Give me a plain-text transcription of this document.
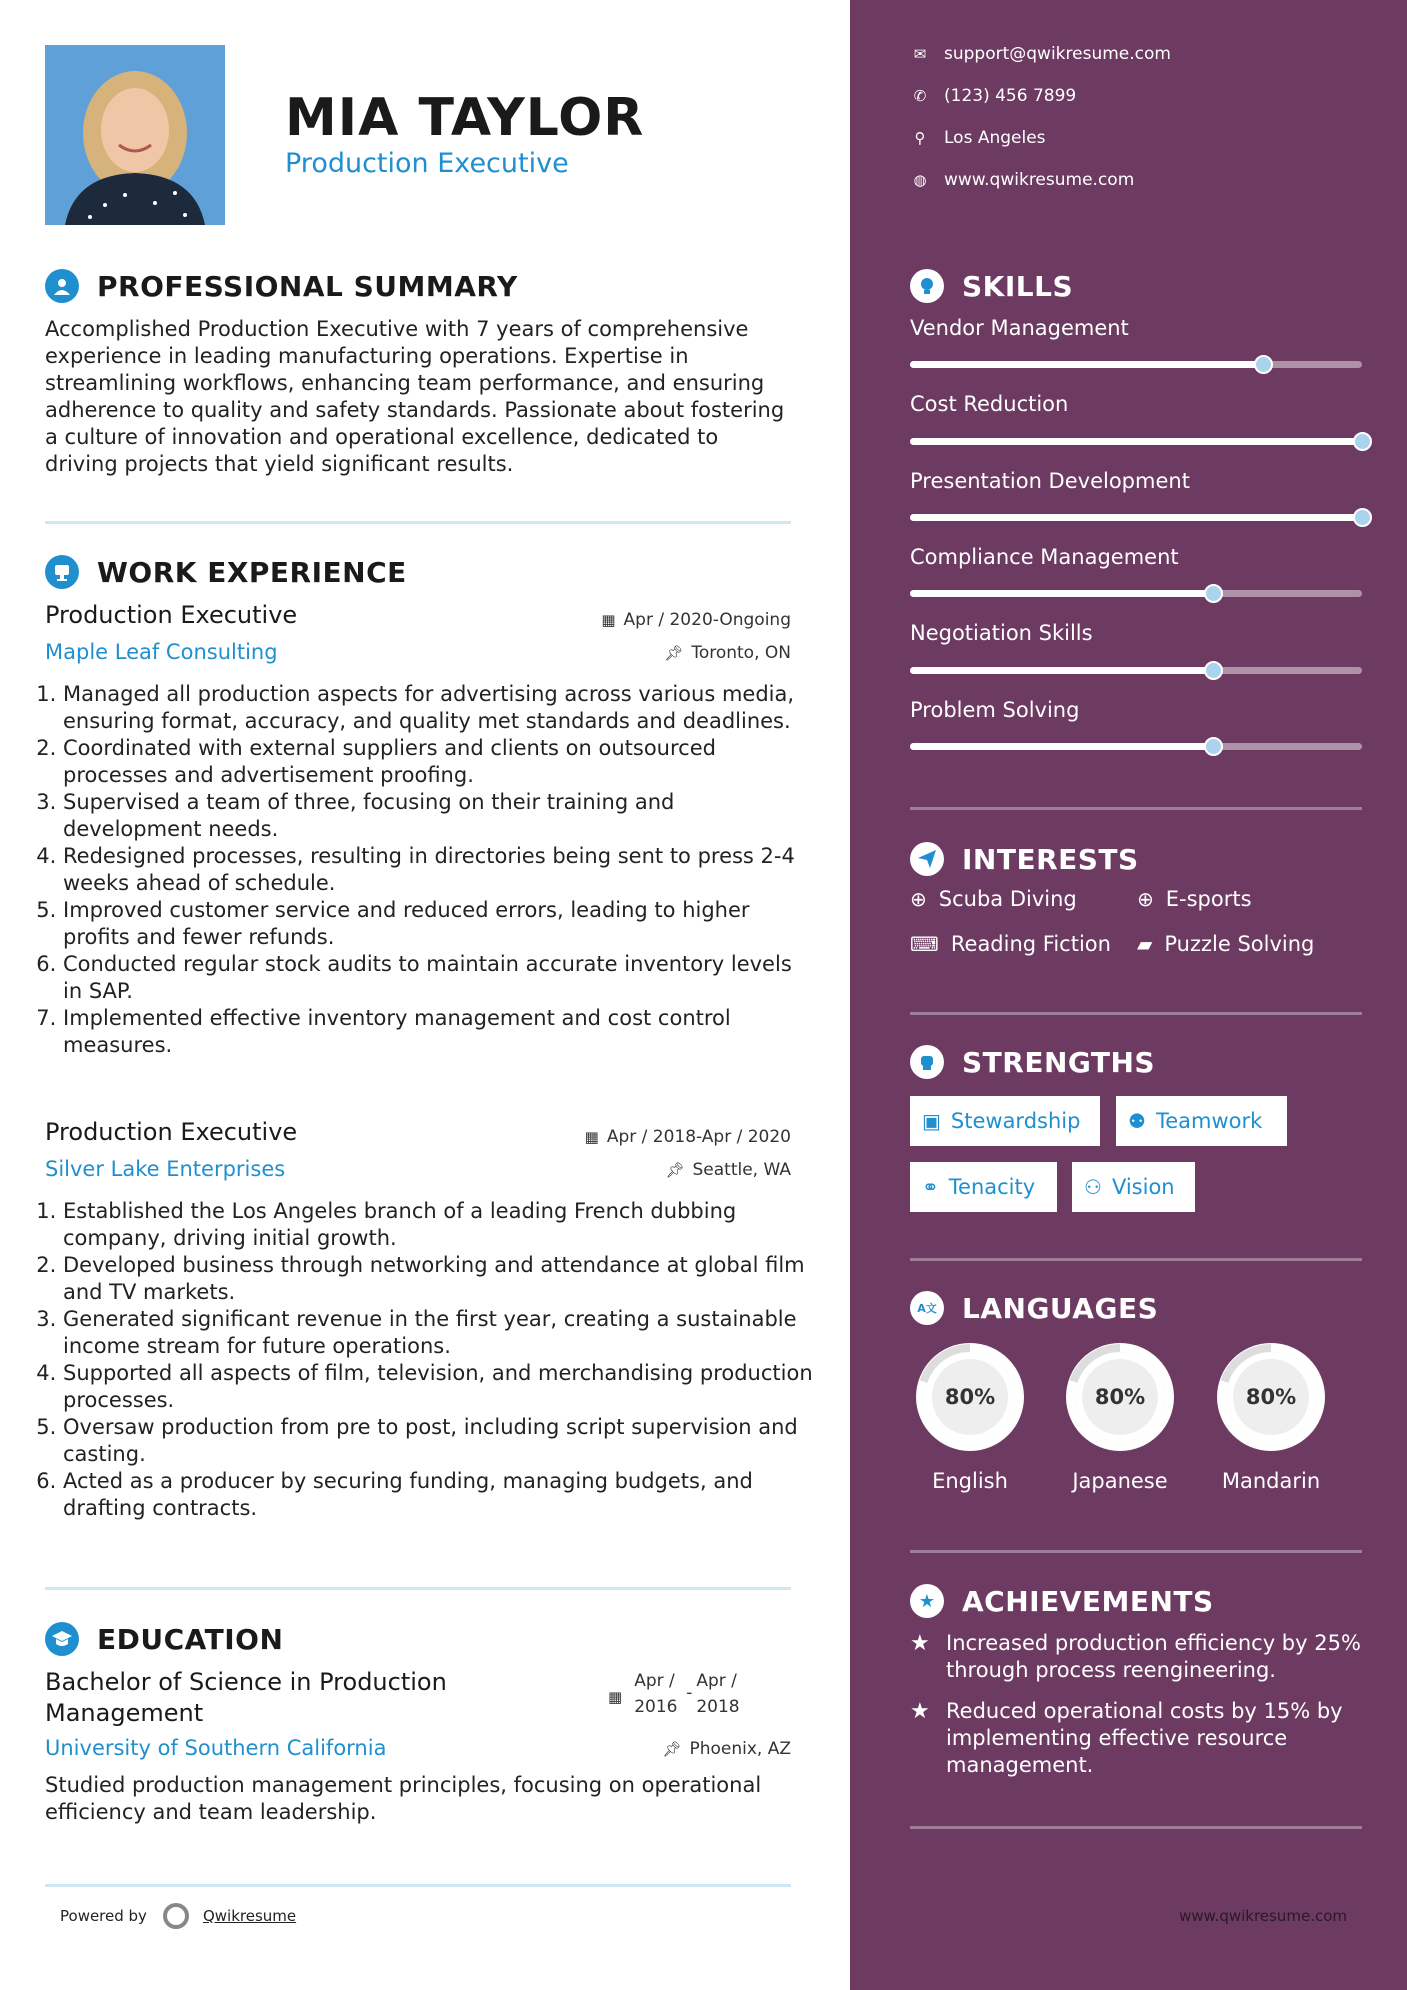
MIA TAYLOR
Production Executive
PROFESSIONAL SUMMARY
Accomplished Production Executive with 7 years of comprehensive experience in leading manufacturing operations. Expertise in streamlining workflows, enhancing team performance, and ensuring adherence to quality and safety standards. Passionate about fostering a culture of innovation and operational excellence, dedicated to driving projects that yield significant results.
WORK EXPERIENCE
Production Executive	▦ Apr / 2020-Ongoing
Maple Leaf Consulting	📌︎ Toronto, ON
1. Managed all production aspects for advertising across various media, ensuring format, accuracy, and quality met standards and deadlines.
2. Coordinated with external suppliers and clients on outsourced processes and advertisement proofing.
3. Supervised a team of three, focusing on their training and development needs.
4. Redesigned processes, resulting in directories being sent to press 2-4 weeks ahead of schedule.
5. Improved customer service and reduced errors, leading to higher profits and fewer refunds.
6. Conducted regular stock audits to maintain accurate inventory levels in SAP.
7. Implemented effective inventory management and cost control measures.
Production Executive	▦ Apr / 2018-Apr / 2020
Silver Lake Enterprises	📌︎ Seattle, WA
1. Established the Los Angeles branch of a leading French dubbing company, driving initial growth.
2. Developed business through networking and attendance at global film and TV markets.
3. Generated significant revenue in the first year, creating a sustainable income stream for future operations.
4. Supported all aspects of film, television, and merchandising production processes.
5. Oversaw production from pre to post, including script supervision and casting.
6. Acted as a producer by securing funding, managing budgets, and drafting contracts.
EDUCATION
Bachelor of Science in Production Management
▦
Apr / 2016
-
Apr / 2018
University of Southern California	📌︎ Phoenix, AZ
Studied production management principles, focusing on operational efficiency and team leadership.
Powered by	Qwikresume
✉ support@qwikresume.com
✆ (123) 456 7899
⚲ Los Angeles
◍ www.qwikresume.com
SKILLS
Vendor Management
Cost Reduction
Presentation Development
Compliance Management
Negotiation Skills
Problem Solving
INTERESTS
⊕ Scuba Diving	⊕ E-sports
⌨ Reading Fiction ▰ Puzzle Solving
STRENGTHS
▣ Stewardship ⚉ Teamwork
⚭ Tenacity ⚇ Vision
A文 LANGUAGES
80%
English
80%
Japanese
80%
Mandarin
★ ACHIEVEMENTS
★ Increased production efficiency by 25% through process reengineering.
★ Reduced operational costs by 15% by implementing effective resource management.
www.qwikresume.com
